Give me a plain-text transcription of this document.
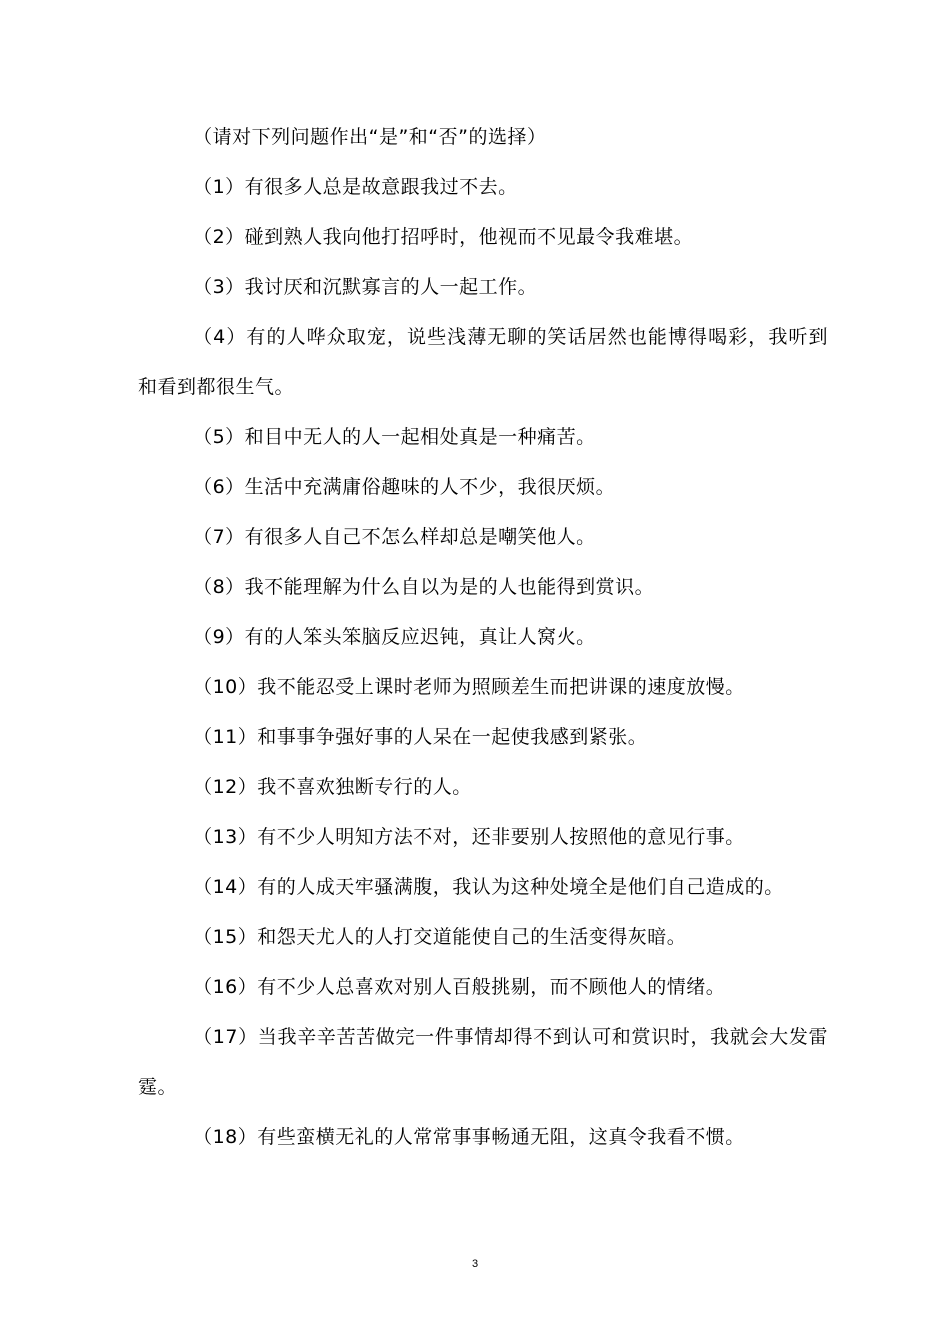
（请对下列问题作出“是”和“否”的选择）

（1）有很多人总是故意跟我过不去。

（2）碰到熟人我向他打招呼时，他视而不见最令我难堪。

（3）我讨厌和沉默寡言的人一起工作。

（4）有的人哗众取宠，说些浅薄无聊的笑话居然也能博得喝彩，我听到和看到都很生气。

（5）和目中无人的人一起相处真是一种痛苦。

（6）生活中充满庸俗趣味的人不少，我很厌烦。

（7）有很多人自己不怎么样却总是嘲笑他人。

（8）我不能理解为什么自以为是的人也能得到赏识。

（9）有的人笨头笨脑反应迟钝，真让人窝火。

（10）我不能忍受上课时老师为照顾差生而把讲课的速度放慢。

（11）和事事争强好事的人呆在一起使我感到紧张。

（12）我不喜欢独断专行的人。

（13）有不少人明知方法不对，还非要别人按照他的意见行事。

（14）有的人成天牢骚满腹，我认为这种处境全是他们自己造成的。

（15）和怨天尤人的人打交道能使自己的生活变得灰暗。

（16）有不少人总喜欢对别人百般挑剔，而不顾他人的情绪。

（17）当我辛辛苦苦做完一件事情却得不到认可和赏识时，我就会大发雷霆。

（18）有些蛮横无礼的人常常事事畅通无阻，这真令我看不惯。

3
